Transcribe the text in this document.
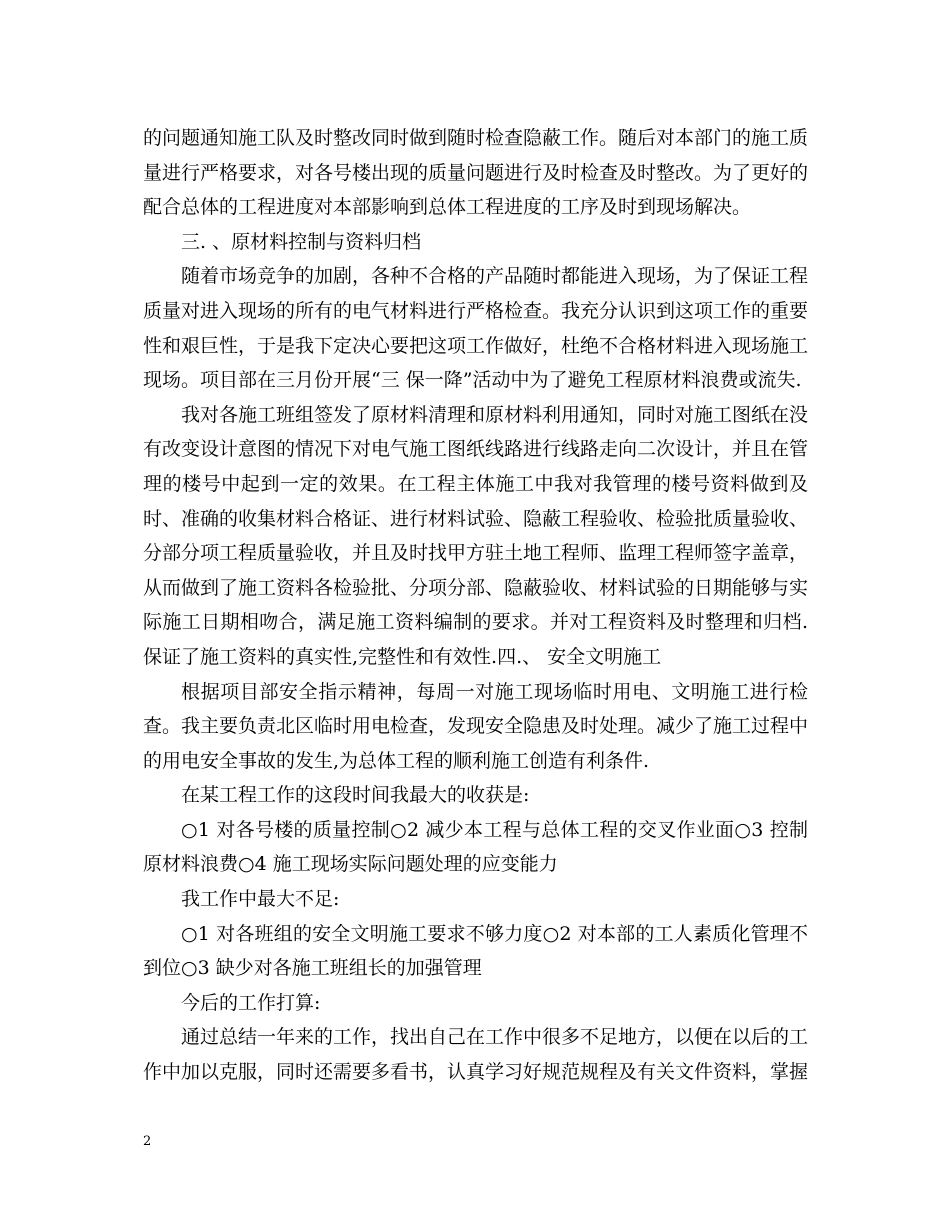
的问题通知施工队及时整改同时做到随时检查隐蔽工作。随后对本部门的施工质量进行严格要求，对各号楼出现的质量问题进行及时检查及时整改。为了更好的配合总体的工程进度对本部影响到总体工程进度的工序及时到现场解决。

三. 、原材料控制与资料归档

随着市场竞争的加剧，各种不合格的产品随时都能进入现场，为了保证工程质量对进入现场的所有的电气材料进行严格检查。我充分认识到这项工作的重要性和艰巨性，于是我下定决心要把这项工作做好，杜绝不合格材料进入现场施工现场。项目部在三月份开展“三 保一降”活动中为了避免工程原材料浪费或流失.

我对各施工班组签发了原材料清理和原材料利用通知，同时对施工图纸在没有改变设计意图的情况下对电气施工图纸线路进行线路走向二次设计，并且在管理的楼号中起到一定的效果。在工程主体施工中我对我管理的楼号资料做到及时、准确的收集材料合格证、进行材料试验、隐蔽工程验收、检验批质量验收、分部分项工程质量验收，并且及时找甲方驻土地工程师、监理工程师签字盖章，从而做到了施工资料各检验批、分项分部、隐蔽验收、材料试验的日期能够与实际施工日期相吻合，满足施工资料编制的要求。并对工程资料及时整理和归档.保证了施工资料的真实性,完整性和有效性.四.、 安全文明施工

根据项目部安全指示精神，每周一对施工现场临时用电、文明施工进行检查。我主要负责北区临时用电检查，发现安全隐患及时处理。减少了施工过程中的用电安全事故的发生,为总体工程的顺利施工创造有利条件.

在某工程工作的这段时间我最大的收获是:

○1 对各号楼的质量控制○2 减少本工程与总体工程的交叉作业面○3 控制原材料浪费○4 施工现场实际问题处理的应变能力

我工作中最大不足:

○1 对各班组的安全文明施工要求不够力度○2 对本部的工人素质化管理不到位○3 缺少对各施工班组长的加强管理

今后的工作打算:

通过总结一年来的工作，找出自己在工作中很多不足地方，以便在以后的工作中加以克服，同时还需要多看书，认真学习好规范规程及有关文件资料，掌握

2
